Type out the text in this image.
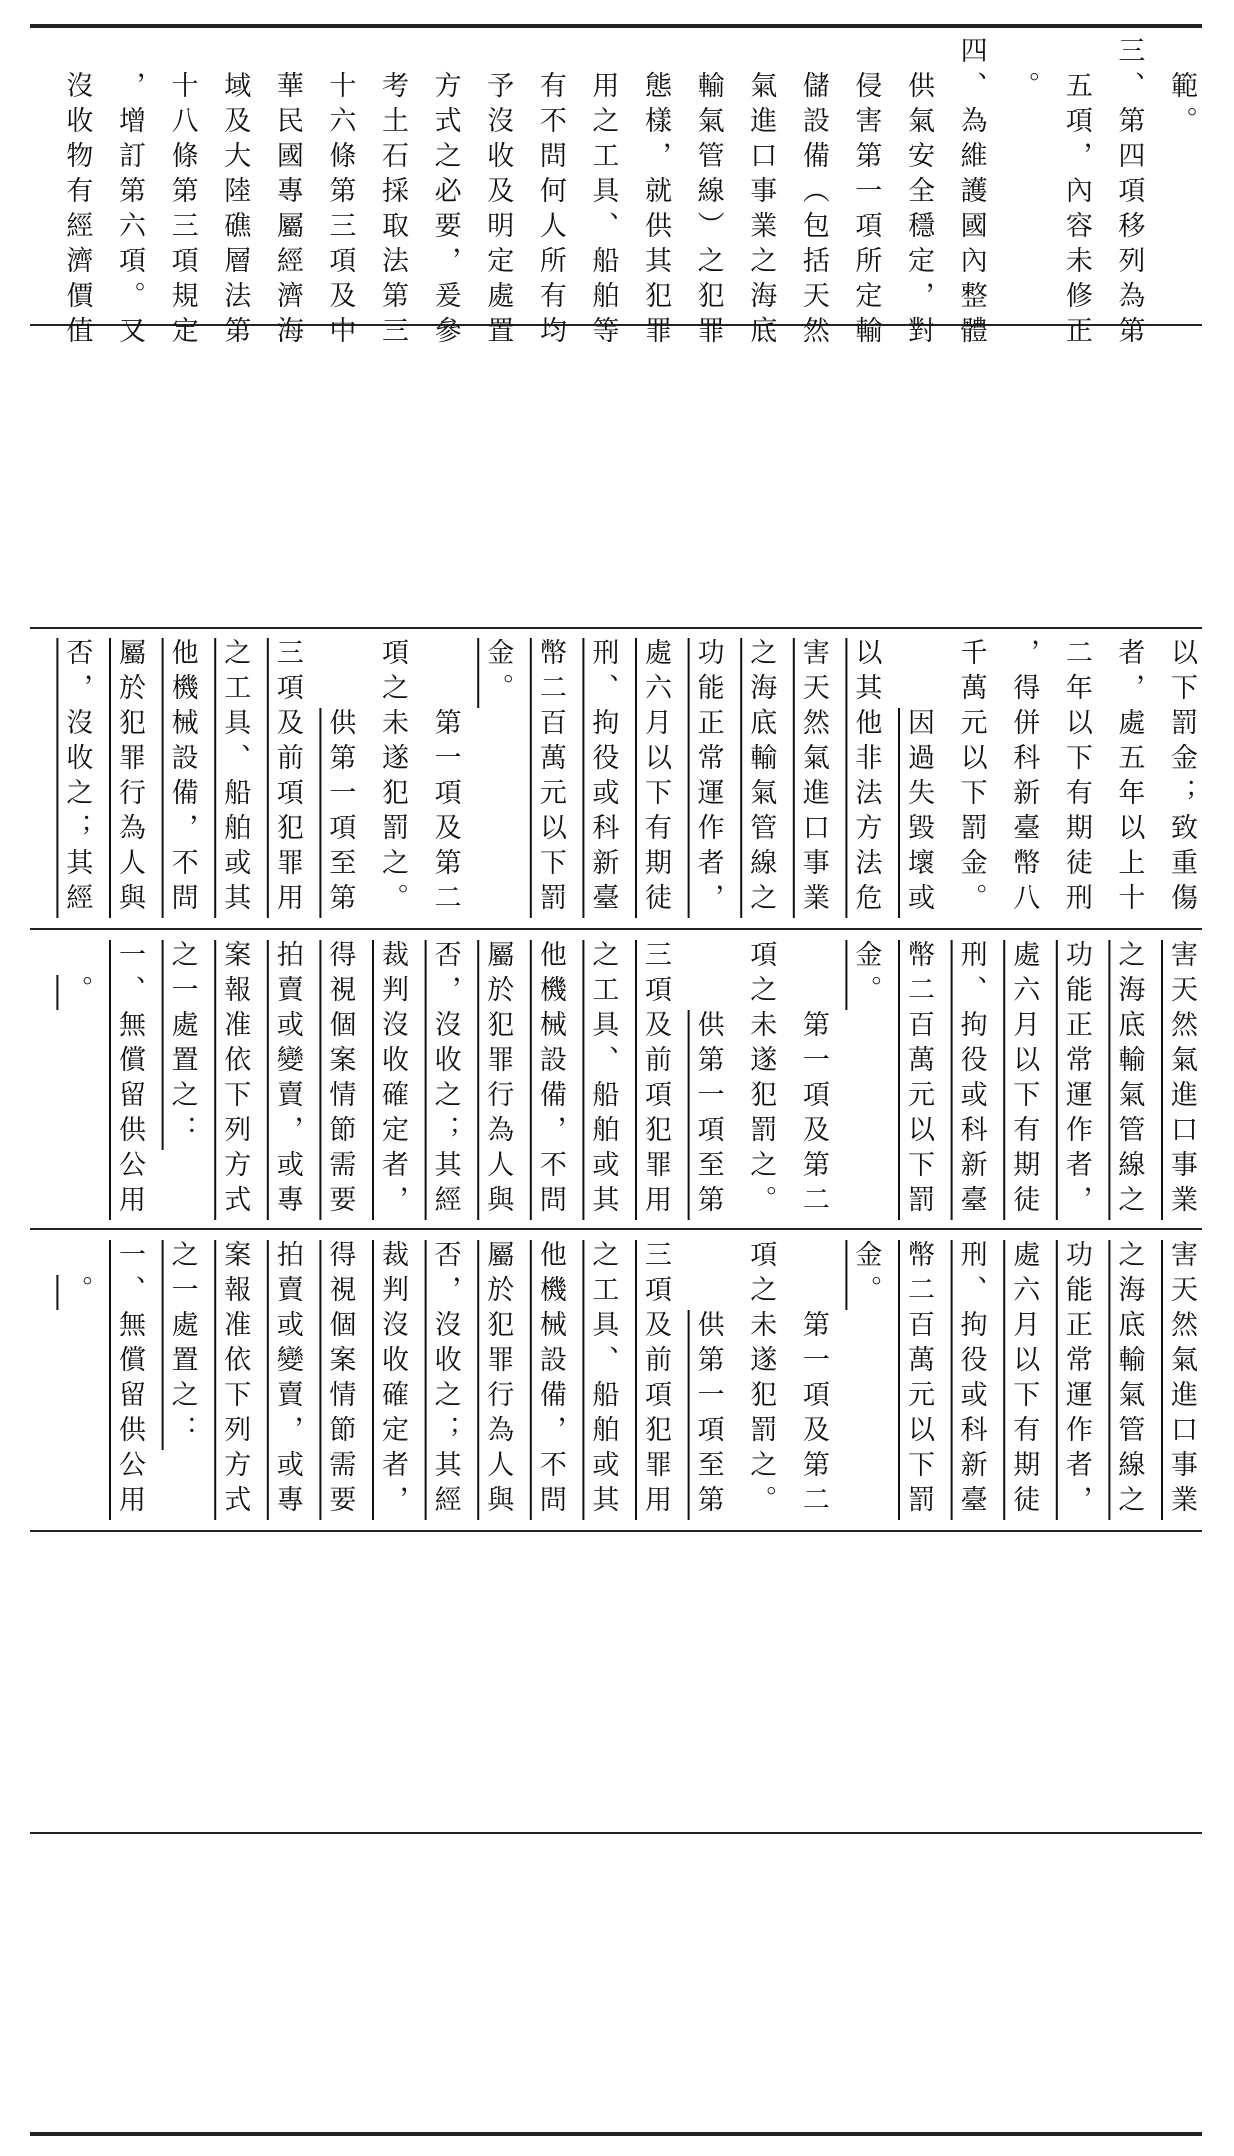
範。
三、第四項移列為第
五項，內容未修正
。
四、為維護國內整體
供氣安全穩定，對
侵害第一項所定輸
儲設備（包括天然
氣進口事業之海底
輸氣管線）之犯罪
態樣，就供其犯罪
用之工具、船舶等
有不問何人所有均
予沒收及明定處置
方式之必要，爰參
考土石採取法第三
十六條第三項及中
華民國專屬經濟海
域及大陸礁層法第
十八條第三項規定
，增訂第六項。又
沒收物有經濟價值
以下罰金；致重傷
者，處五年以上十
二年以下有期徒刑
，得併科新臺幣八
千萬元以下罰金。
因過失毀壞或
以其他非法方法危
害天然氣進口事業
之海底輸氣管線之
功能正常運作者，
處六月以下有期徒
刑、拘役或科新臺
幣二百萬元以下罰
金。
第一項及第二
項之未遂犯罰之。
供第一項至第
三項及前項犯罪用
之工具、船舶或其
他機械設備，不問
屬於犯罪行為人與
否，沒收之；其經
害天然氣進口事業
之海底輸氣管線之
功能正常運作者，
處六月以下有期徒
刑、拘役或科新臺
幣二百萬元以下罰
金。
第一項及第二
項之未遂犯罰之。
供第一項至第
三項及前項犯罪用
之工具、船舶或其
他機械設備，不問
屬於犯罪行為人與
否，沒收之；其經
裁判沒收確定者，
得視個案情節需要
拍賣或變賣，或專
案報准依下列方式
之一處置之：
一、無償留供公用
。
害天然氣進口事業
之海底輸氣管線之
功能正常運作者，
處六月以下有期徒
刑、拘役或科新臺
幣二百萬元以下罰
金。
第一項及第二
項之未遂犯罰之。
供第一項至第
三項及前項犯罪用
之工具、船舶或其
他機械設備，不問
屬於犯罪行為人與
否，沒收之；其經
裁判沒收確定者，
得視個案情節需要
拍賣或變賣，或專
案報准依下列方式
之一處置之：
一、無償留供公用
。
